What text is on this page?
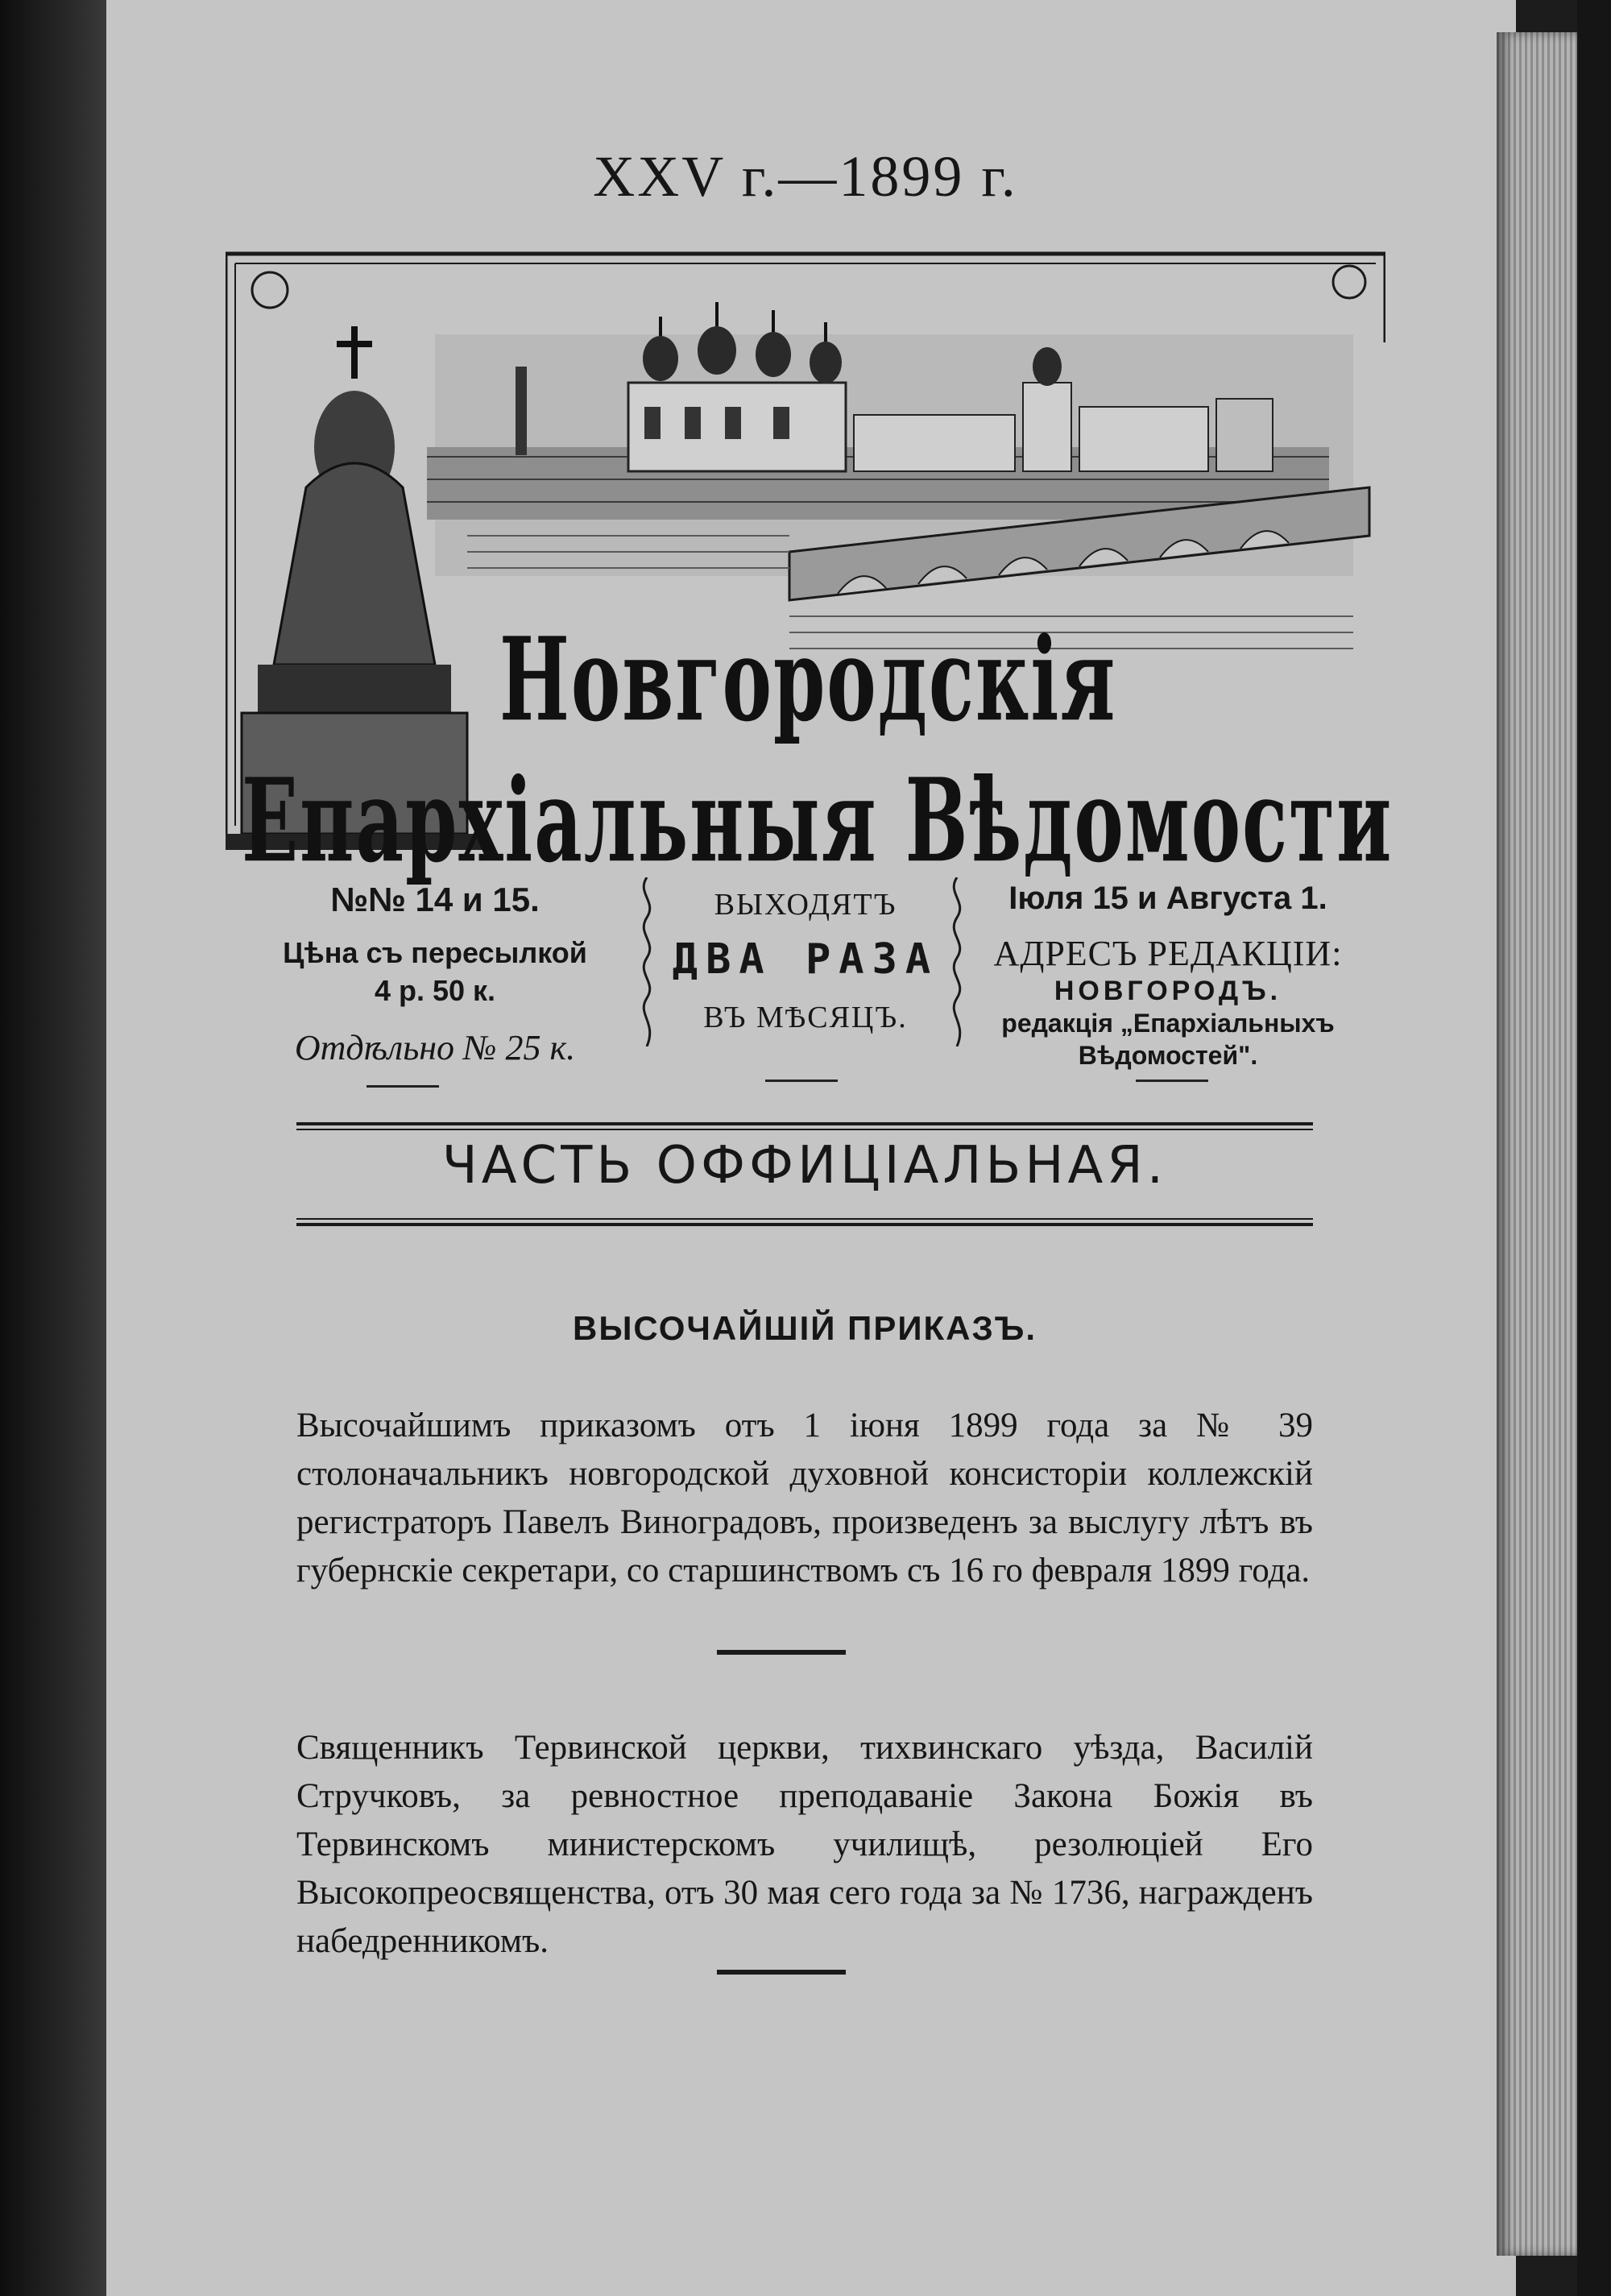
XXV г.—1899 г.
Новгородскія
Епархіальныя Вѣдомости
№№ 14 и 15.
Цѣна съ пересылкой
4 р. 50 к.
Отдѣльно № 25 к.
ВЫХОДЯТЪ
ДВА РАЗА
ВЪ МѢСЯЦЪ.
Іюля 15 и Августа 1.
АДРЕСЪ РЕДАКЦІИ:
НОВГОРОДЪ.
редакція „Епархіальныхъ
Вѣдомостей".
ЧАСТЬ ОФФИЦІАЛЬНАЯ.
ВЫСОЧАЙШІЙ ПРИКАЗЪ.
Высочайшимъ приказомъ отъ 1 іюня 1899 года за № 39 столоначальникъ новгородской духовной консисторіи коллежскій регистраторъ Павелъ Виноградовъ, произведенъ за выслугу лѣтъ въ губернскіе секретари, со старшинствомъ съ 16 го февраля 1899 года.
Священникъ Тервинской церкви, тихвинскаго уѣзда, Василій Стручковъ, за ревностное преподаваніе Закона Божія въ Тервинскомъ министерскомъ училищѣ, резолюціей Его Высокопреосвященства, отъ 30 мая сего года за № 1736, награжденъ набедренникомъ.
